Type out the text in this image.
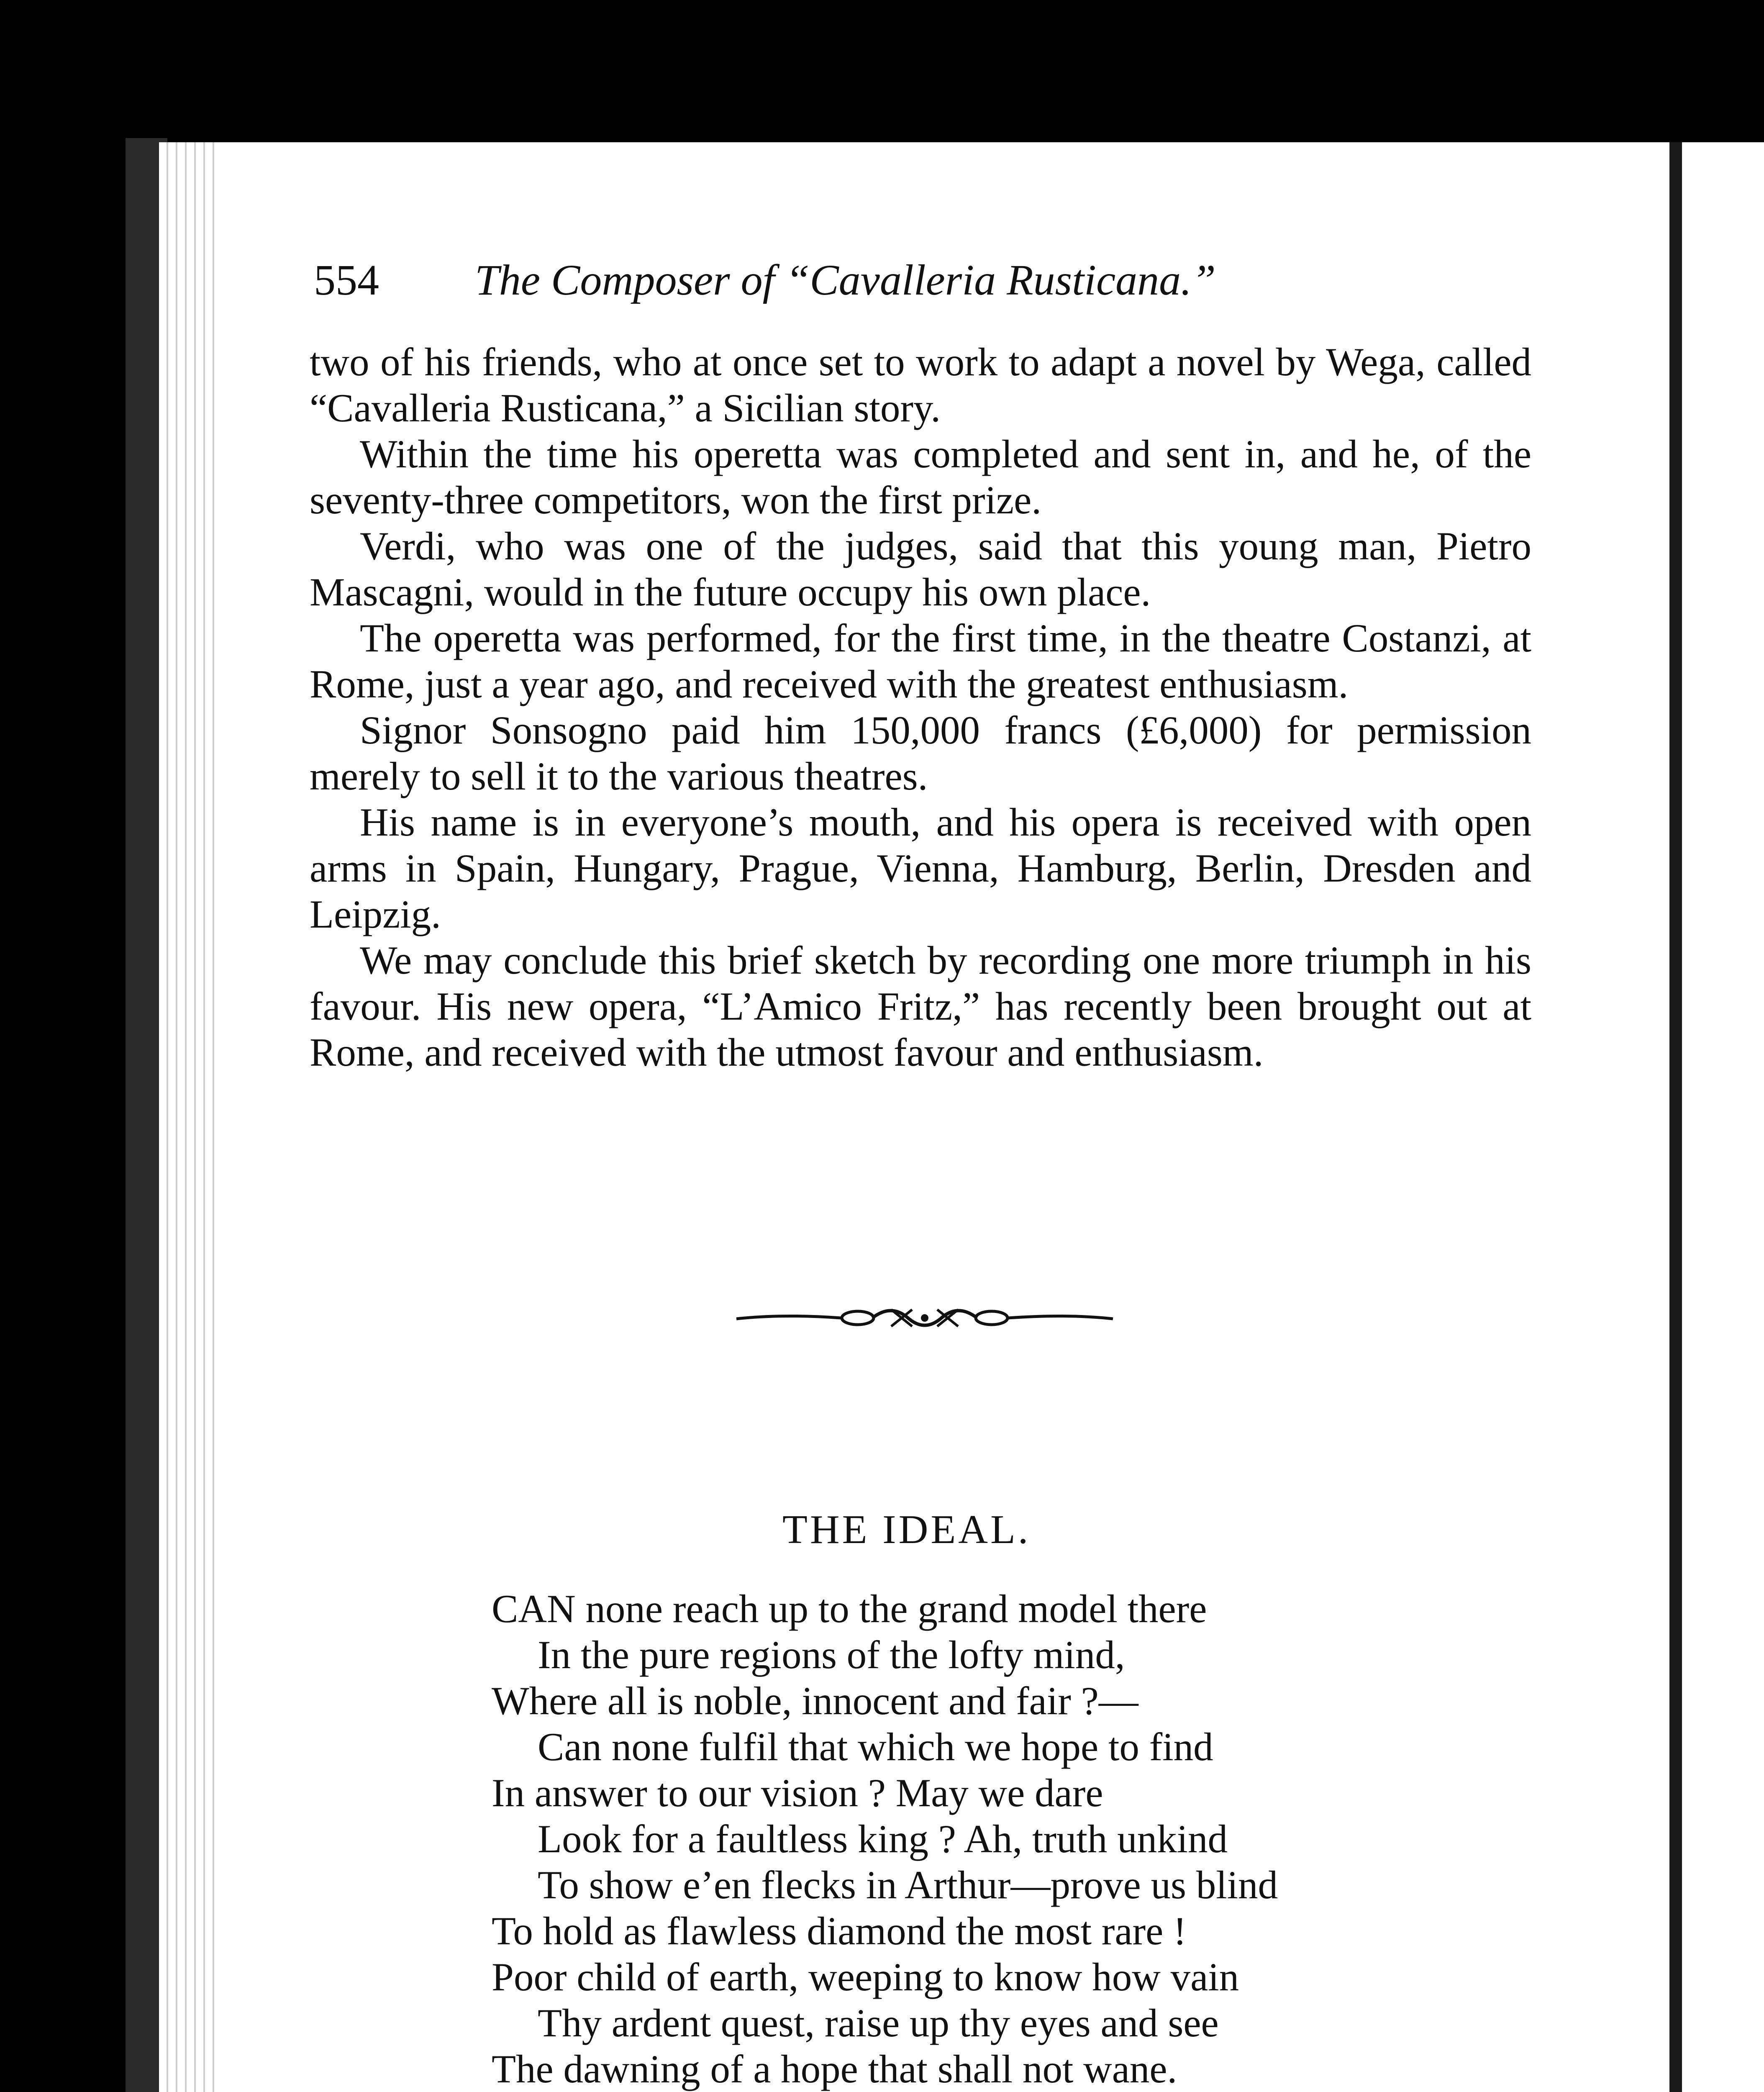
554 The Composer of “Cavalleria Rusticana.”

two of his friends, who at once set to work to adapt a novel by Wega, called “Cavalleria Rusticana,” a Sicilian story.

Within the time his operetta was completed and sent in, and he, of the seventy-three competitors, won the first prize.

Verdi, who was one of the judges, said that this young man, Pietro Mascagni, would in the future occupy his own place.

The operetta was performed, for the first time, in the theatre Costanzi, at Rome, just a year ago, and received with the greatest enthusiasm.

Signor Sonsogno paid him 150,000 francs (£6,000) for permission merely to sell it to the various theatres.

His name is in everyone’s mouth, and his opera is received with open arms in Spain, Hungary, Prague, Vienna, Hamburg, Berlin, Dresden and Leipzig.

We may conclude this brief sketch by recording one more triumph in his favour. His new opera, “L’Amico Fritz,” has recently been brought out at Rome, and received with the utmost favour and enthusiasm.

THE IDEAL.
CAN none reach up to the grand model there
In the pure regions of the lofty mind,
Where all is noble, innocent and fair ?—
Can none fulfil that which we hope to find
In answer to our vision ? May we dare
Look for a faultless king ? Ah, truth unkind
To show e’en flecks in Arthur—prove us blind
To hold as flawless diamond the most rare !
Poor child of earth, weeping to know how vain
Thy ardent quest, raise up thy eyes and see
The dawning of a hope that shall not wane.
